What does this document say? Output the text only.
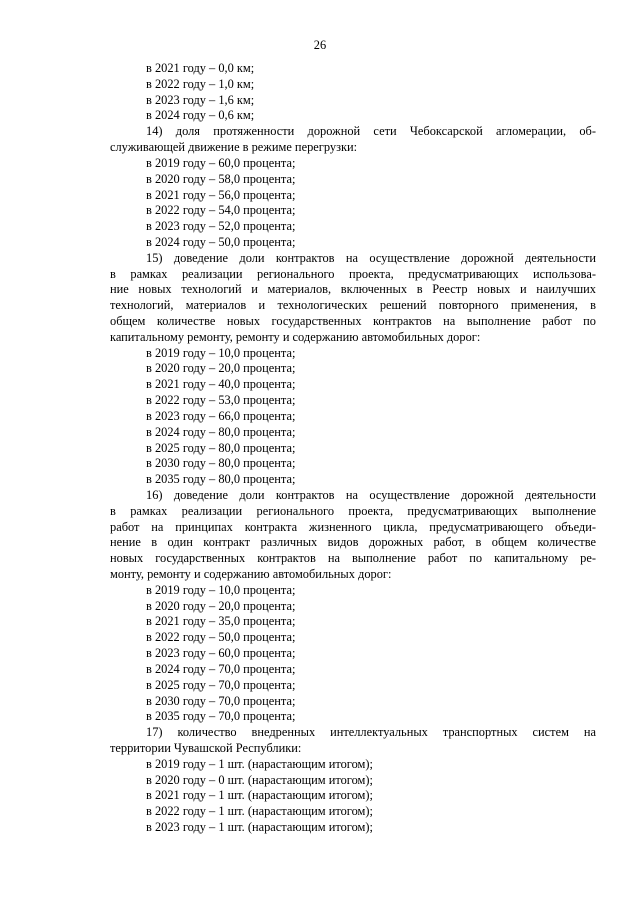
26
в 2021 году – 0,0 км;
в 2022 году – 1,0 км;
в 2023 году – 1,6 км;
в 2024 году – 0,6 км;
14) доля протяженности дорожной сети Чебоксарской агломерации, об-
служивающей движение в режиме перегрузки:
в 2019 году – 60,0 процента;
в 2020 году – 58,0 процента;
в 2021 году – 56,0 процента;
в 2022 году – 54,0 процента;
в 2023 году – 52,0 процента;
в 2024 году – 50,0 процента;
15) доведение доли контрактов на осуществление дорожной деятельности
в рамках реализации регионального проекта, предусматривающих использова-
ние новых технологий и материалов, включенных в Реестр новых и наилучших
технологий, материалов и технологических решений повторного применения, в
общем количестве новых государственных контрактов на выполнение работ по
капитальному ремонту, ремонту и содержанию автомобильных дорог:
в 2019 году – 10,0 процента;
в 2020 году – 20,0 процента;
в 2021 году – 40,0 процента;
в 2022 году – 53,0 процента;
в 2023 году – 66,0 процента;
в 2024 году – 80,0 процента;
в 2025 году – 80,0 процента;
в 2030 году – 80,0 процента;
в 2035 году – 80,0 процента;
16) доведение доли контрактов на осуществление дорожной деятельности
в рамках реализации регионального проекта, предусматривающих выполнение
работ на принципах контракта жизненного цикла, предусматривающего объеди-
нение в один контракт различных видов дорожных работ, в общем количестве
новых государственных контрактов на выполнение работ по капитальному ре-
монту, ремонту и содержанию автомобильных дорог:
в 2019 году – 10,0 процента;
в 2020 году – 20,0 процента;
в 2021 году – 35,0 процента;
в 2022 году – 50,0 процента;
в 2023 году – 60,0 процента;
в 2024 году – 70,0 процента;
в 2025 году – 70,0 процента;
в 2030 году – 70,0 процента;
в 2035 году – 70,0 процента;
17) количество внедренных интеллектуальных транспортных систем на
территории Чувашской Республики:
в 2019 году – 1 шт. (нарастающим итогом);
в 2020 году – 0 шт. (нарастающим итогом);
в 2021 году – 1 шт. (нарастающим итогом);
в 2022 году – 1 шт. (нарастающим итогом);
в 2023 году – 1 шт. (нарастающим итогом);
